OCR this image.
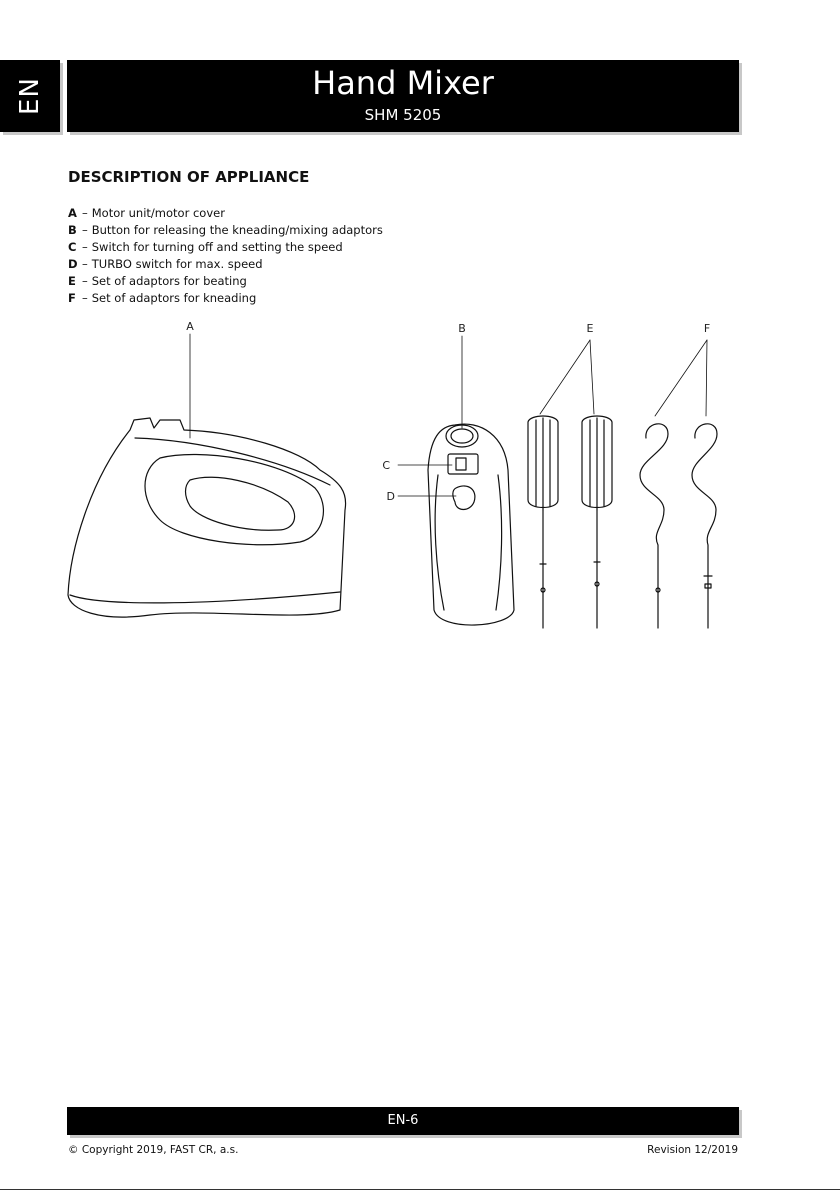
EN	Hand Mixer
SHM 5205
DESCRIPTION OF APPLIANCE
A – Motor unit/motor cover
B – Button for releasing the kneading/mixing adaptors
C – Switch for turning off and setting the speed
D – TURBO switch for max. speed
E – Set of adaptors for beating
F – Set of adaptors for kneading
A	B
C
D
E	F
EN-6
© Copyright 2019, FAST CR, a.s.	Revision 12/2019
